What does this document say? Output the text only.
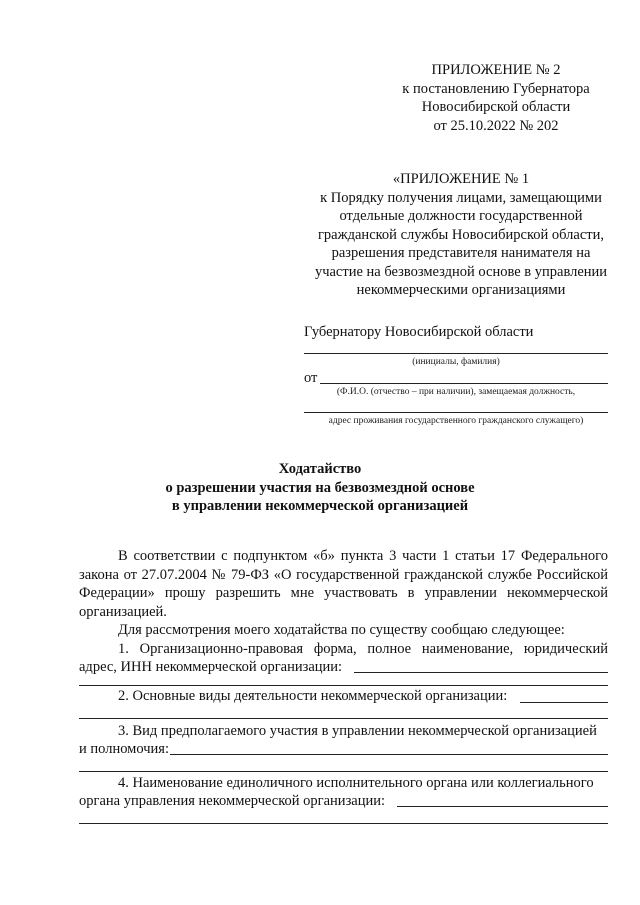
ПРИЛОЖЕНИЕ № 2
к постановлению Губернатора
Новосибирской области
от 25.10.2022 № 202
«ПРИЛОЖЕНИЕ № 1
к Порядку получения лицами, замещающими
отдельные должности государственной
гражданской службы Новосибирской области,
разрешения представителя нанимателя на
участие на безвозмездной основе в управлении
некоммерческими организациями
Губернатору Новосибирской области
(инициалы, фамилия)
от
(Ф.И.О. (отчество – при наличии), замещаемая должность,
адрес проживания государственного гражданского служащего)
Ходатайство
о разрешении участия на безвозмездной основе
в управлении некоммерческой организацией

В соответствии с подпунктом «б» пункта 3 части 1 статьи 17 Федерального закона от 27.07.2004 № 79-ФЗ «О государственной гражданской службе Российской Федерации» прошу разрешить мне участвовать в управлении некоммерческой организацией.

Для рассмотрения моего ходатайства по существу сообщаю следующее:

1. Организационно-правовая форма, полное наименование, юридический
адрес, ИНН некоммерческой организации:
2. Основные виды деятельности некоммерческой организации:
3. Вид предполагаемого участия в управлении некоммерческой организацией
и полномочия:
4. Наименование единоличного исполнительного органа или коллегиального
органа управления некоммерческой организации:
